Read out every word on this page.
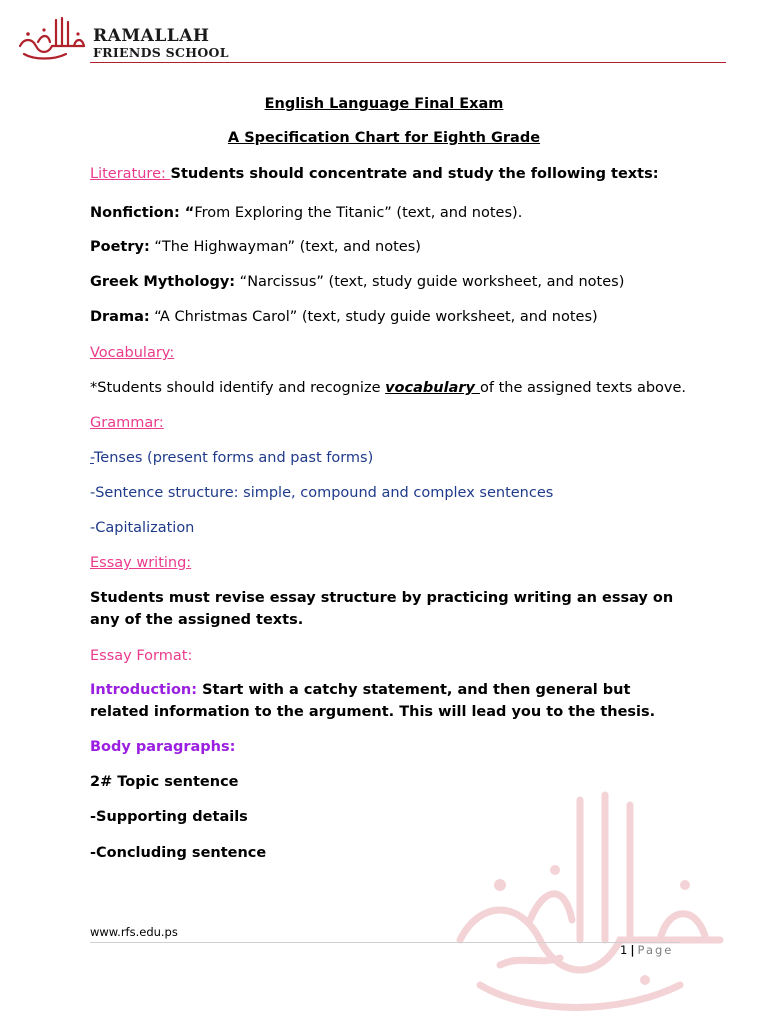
RAMALLAH
FRIENDS SCHOOL
English Language Final Exam
A Specification Chart for Eighth Grade
Literature: Students should concentrate and study the following texts:
Nonfiction: “From Exploring the Titanic” (text, and notes).
Poetry: “The Highwayman” (text, and notes)
Greek Mythology: “Narcissus” (text, study guide worksheet, and notes)
Drama: “A Christmas Carol” (text, study guide worksheet, and notes)
Vocabulary:
*Students should identify and recognize vocabulary of the assigned texts above.
Grammar:
-Tenses (present forms and past forms)
-Sentence structure: simple, compound and complex sentences
-Capitalization
Essay writing:
Students must revise essay structure by practicing writing an essay on any of the assigned texts.
Essay Format:
Introduction: Start with a catchy statement, and then general but related information to the argument. This will lead you to the thesis.
Body paragraphs:
2# Topic sentence
-Supporting details
-Concluding sentence
www.rfs.edu.ps
1 | Page
